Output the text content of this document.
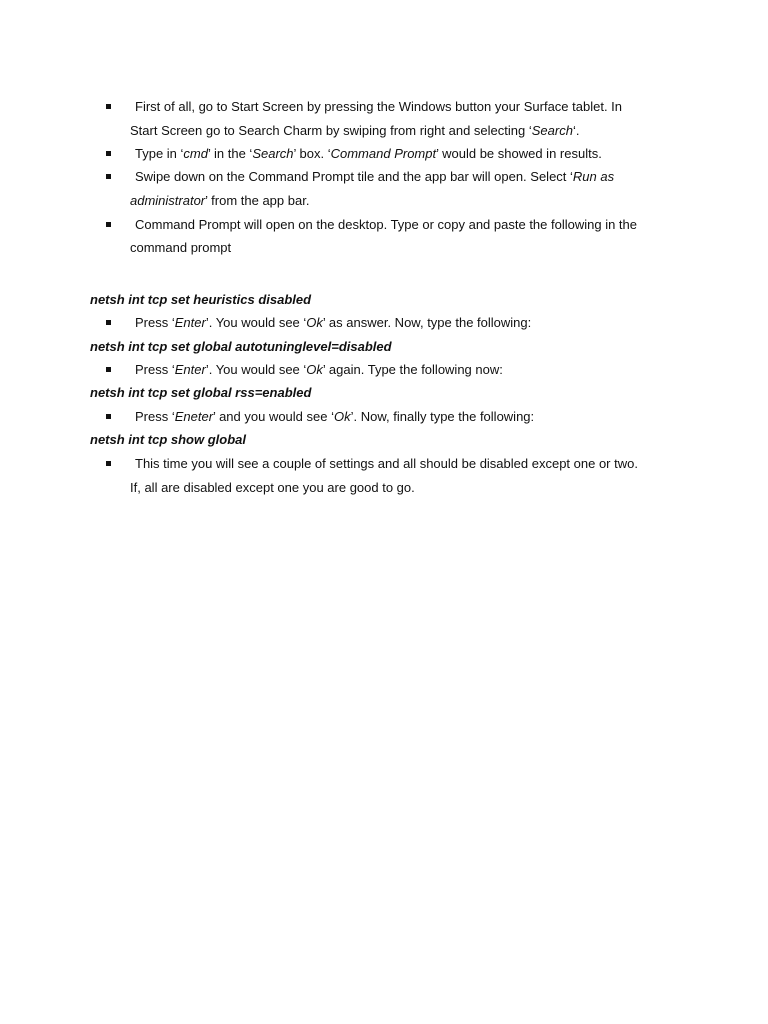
First of all, go to Start Screen by pressing the Windows button your Surface tablet. In
Start Screen go to Search Charm by swiping from right and selecting ‘Search‘.
Type in ‘cmd’ in the ‘Search’ box. ‘Command Prompt’ would be showed in results.
Swipe down on the Command Prompt tile and the app bar will open. Select ‘Run as
administrator’ from the app bar.
Command Prompt will open on the desktop. Type or copy and paste the following in the
command prompt
netsh int tcp set heuristics disabled
Press ‘Enter’. You would see ‘Ok’ as answer. Now, type the following:
netsh int tcp set global autotuninglevel=disabled
Press ‘Enter’. You would see ‘Ok’ again. Type the following now:
netsh int tcp set global rss=enabled
Press ‘Eneter’ and you would see ‘Ok’. Now, finally type the following:
netsh int tcp show global
This time you will see a couple of settings and all should be disabled except one or two.
If, all are disabled except one you are good to go.
